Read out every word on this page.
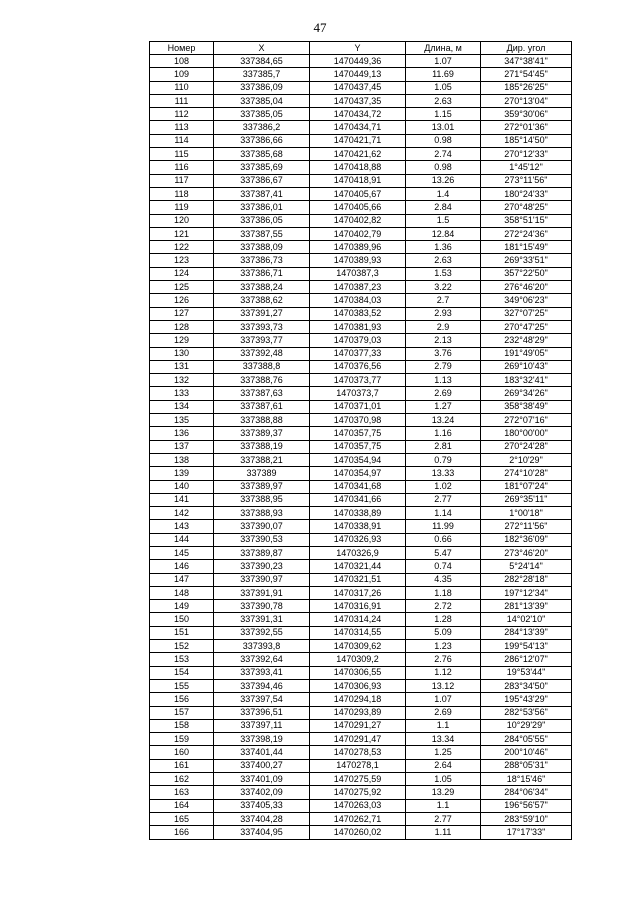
47
Номер	X	Y	Длина, м	Дир. угол
108	337384,65	1470449,36	1.07	347°38'41"
109	337385,7	1470449,13	11.69	271°54'45"
110	337386,09	1470437,45	1.05	185°26'25"
111	337385,04	1470437,35	2.63	270°13'04"
112	337385,05	1470434,72	1.15	359°30'06"
113	337386,2	1470434,71	13.01	272°01'36"
114	337386,66	1470421,71	0.98	185°14'50"
115	337385,68	1470421,62	2.74	270°12'33"
116	337385,69	1470418,88	0.98	1°45'12"
117	337386,67	1470418,91	13.26	273°11'56"
118	337387,41	1470405,67	1.4	180°24'33"
119	337386,01	1470405,66	2.84	270°48'25"
120	337386,05	1470402,82	1.5	358°51'15"
121	337387,55	1470402,79	12.84	272°24'36"
122	337388,09	1470389,96	1.36	181°15'49"
123	337386,73	1470389,93	2.63	269°33'51"
124	337386,71	1470387,3	1.53	357°22'50"
125	337388,24	1470387,23	3.22	276°46'20"
126	337388,62	1470384,03	2.7	349°06'23"
127	337391,27	1470383,52	2.93	327°07'25"
128	337393,73	1470381,93	2.9	270°47'25"
129	337393,77	1470379,03	2.13	232°48'29"
130	337392,48	1470377,33	3.76	191°49'05"
131	337388,8	1470376,56	2.79	269°10'43"
132	337388,76	1470373,77	1.13	183°32'41"
133	337387,63	1470373,7	2.69	269°34'26"
134	337387,61	1470371,01	1.27	358°38'49"
135	337388,88	1470370,98	13.24	272°07'16"
136	337389,37	1470357,75	1.16	180°00'00"
137	337388,19	1470357,75	2.81	270°24'28"
138	337388,21	1470354,94	0.79	2°10'29"
139	337389	1470354,97	13.33	274°10'28"
140	337389,97	1470341,68	1.02	181°07'24"
141	337388,95	1470341,66	2.77	269°35'11"
142	337388,93	1470338,89	1.14	1°00'18"
143	337390,07	1470338,91	11.99	272°11'56"
144	337390,53	1470326,93	0.66	182°36'09"
145	337389,87	1470326,9	5.47	273°46'20"
146	337390,23	1470321,44	0.74	5°24'14"
147	337390,97	1470321,51	4.35	282°28'18"
148	337391,91	1470317,26	1.18	197°12'34"
149	337390,78	1470316,91	2.72	281°13'39"
150	337391,31	1470314,24	1.28	14°02'10"
151	337392,55	1470314,55	5.09	284°13'39"
152	337393,8	1470309,62	1.23	199°54'13"
153	337392,64	1470309,2	2.76	286°12'07"
154	337393,41	1470306,55	1.12	19°53'44"
155	337394,46	1470306,93	13.12	283°34'50"
156	337397,54	1470294,18	1.07	195°43'29"
157	337396,51	1470293,89	2.69	282°53'56"
158	337397,11	1470291,27	1.1	10°29'29"
159	337398,19	1470291,47	13.34	284°05'55"
160	337401,44	1470278,53	1.25	200°10'46"
161	337400,27	1470278,1	2.64	288°05'31"
162	337401,09	1470275,59	1.05	18°15'46"
163	337402,09	1470275,92	13.29	284°06'34"
164	337405,33	1470263,03	1.1	196°56'57"
165	337404,28	1470262,71	2.77	283°59'10"
166	337404,95	1470260,02	1.11	17°17'33"
